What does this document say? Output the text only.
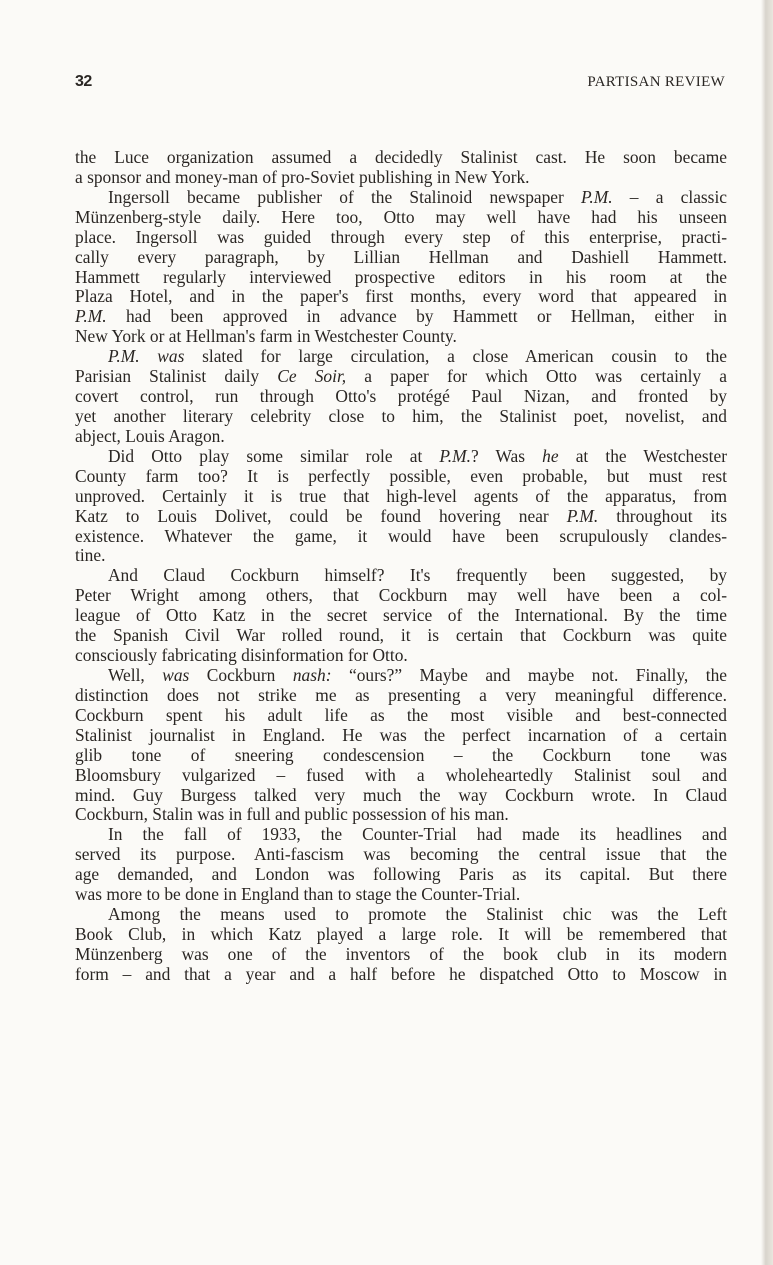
32	PARTISAN REVIEW
the Luce organization assumed a decidedly Stalinist cast. He soon became
a sponsor and money-man of pro-Soviet publishing in New York.
Ingersoll became publisher of the Stalinoid newspaper P.M. – a classic
Münzenberg-style daily. Here too, Otto may well have had his unseen
place. Ingersoll was guided through every step of this enterprise, practi-
cally every paragraph, by Lillian Hellman and Dashiell Hammett.
Hammett regularly interviewed prospective editors in his room at the
Plaza Hotel, and in the paper's first months, every word that appeared in
P.M. had been approved in advance by Hammett or Hellman, either in
New York or at Hellman's farm in Westchester County.
P.M. was slated for large circulation, a close American cousin to the
Parisian Stalinist daily Ce Soir, a paper for which Otto was certainly a
covert control, run through Otto's protégé Paul Nizan, and fronted by
yet another literary celebrity close to him, the Stalinist poet, novelist, and
abject, Louis Aragon.
Did Otto play some similar role at P.M.? Was he at the Westchester
County farm too? It is perfectly possible, even probable, but must rest
unproved. Certainly it is true that high-level agents of the apparatus, from
Katz to Louis Dolivet, could be found hovering near P.M. throughout its
existence. Whatever the game, it would have been scrupulously clandes-
tine.
And Claud Cockburn himself? It's frequently been suggested, by
Peter Wright among others, that Cockburn may well have been a col-
league of Otto Katz in the secret service of the International. By the time
the Spanish Civil War rolled round, it is certain that Cockburn was quite
consciously fabricating disinformation for Otto.
Well, was Cockburn nash: “ours?” Maybe and maybe not. Finally, the
distinction does not strike me as presenting a very meaningful difference.
Cockburn spent his adult life as the most visible and best-connected
Stalinist journalist in England. He was the perfect incarnation of a certain
glib tone of sneering condescension – the Cockburn tone was
Bloomsbury vulgarized – fused with a wholeheartedly Stalinist soul and
mind. Guy Burgess talked very much the way Cockburn wrote. In Claud
Cockburn, Stalin was in full and public possession of his man.
In the fall of 1933, the Counter-Trial had made its headlines and
served its purpose. Anti-fascism was becoming the central issue that the
age demanded, and London was following Paris as its capital. But there
was more to be done in England than to stage the Counter-Trial.
Among the means used to promote the Stalinist chic was the Left
Book Club, in which Katz played a large role. It will be remembered that
Münzenberg was one of the inventors of the book club in its modern
form – and that a year and a half before he dispatched Otto to Moscow in
